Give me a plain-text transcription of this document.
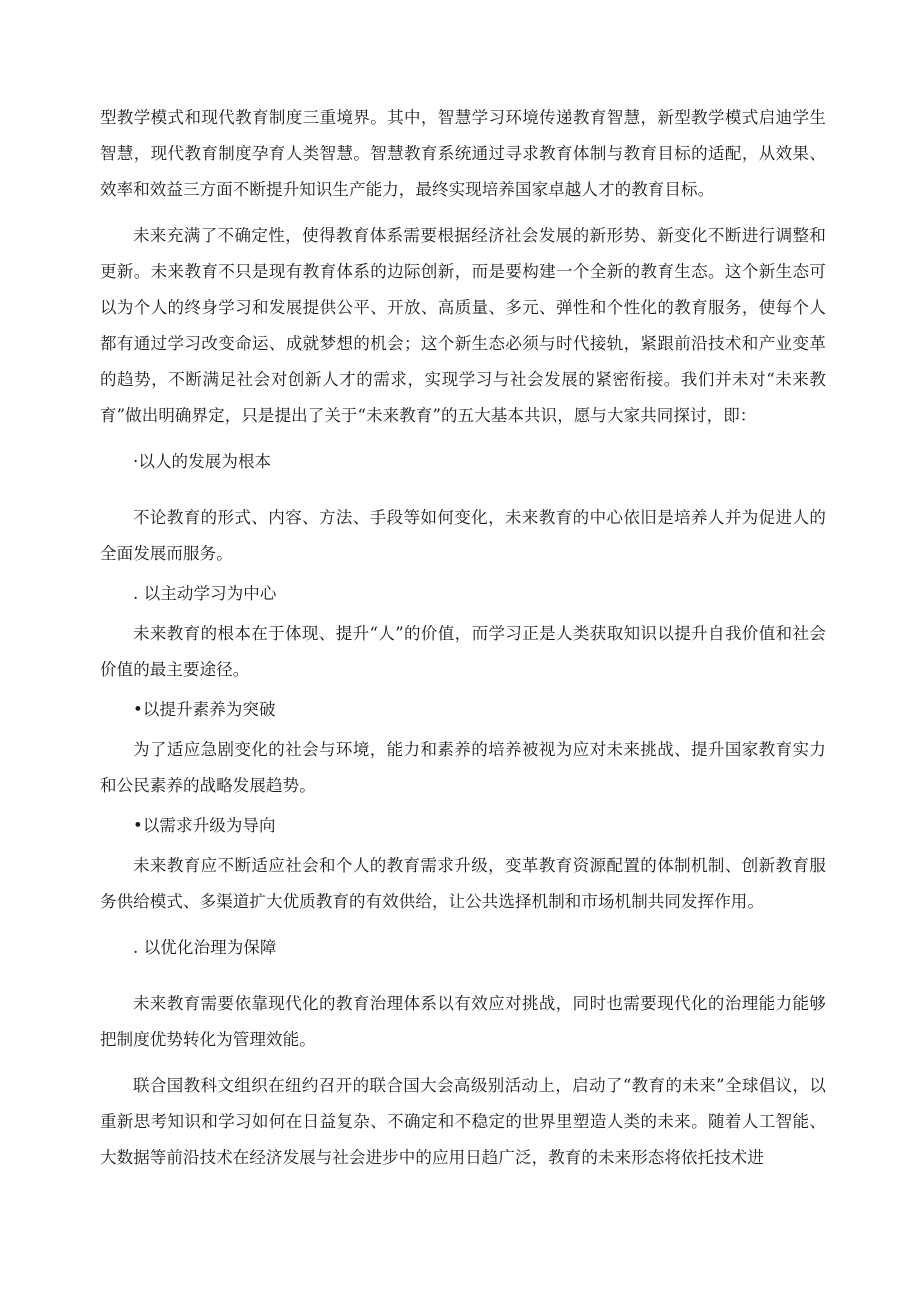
型教学模式和现代教育制度三重境界。其中，智慧学习环境传递教育智慧，新型教学模式启迪学生智慧，现代教育制度孕育人类智慧。智慧教育系统通过寻求教育体制与教育目标的适配，从效果、效率和效益三方面不断提升知识生产能力，最终实现培养国家卓越人才的教育目标。

未来充满了不确定性，使得教育体系需要根据经济社会发展的新形势、新变化不断进行调整和更新。未来教育不只是现有教育体系的边际创新，而是要构建一个全新的教育生态。这个新生态可以为个人的终身学习和发展提供公平、开放、高质量、多元、弹性和个性化的教育服务，使每个人都有通过学习改变命运、成就梦想的机会；这个新生态必须与时代接轨，紧跟前沿技术和产业变革的趋势，不断满足社会对创新人才的需求，实现学习与社会发展的紧密衔接。我们并未对“未来教育”做出明确界定，只是提出了关于“未来教育”的五大基本共识，愿与大家共同探讨，即：

·以人的发展为根本

不论教育的形式、内容、方法、手段等如何变化，未来教育的中心依旧是培养人并为促进人的全面发展而服务。

. 以主动学习为中心

未来教育的根本在于体现、提升“人”的价值，而学习正是人类获取知识以提升自我价值和社会价值的最主要途径。

•以提升素养为突破

为了适应急剧变化的社会与环境，能力和素养的培养被视为应对未来挑战、提升国家教育实力和公民素养的战略发展趋势。

•以需求升级为导向

未来教育应不断适应社会和个人的教育需求升级，变革教育资源配置的体制机制、创新教育服务供给模式、多渠道扩大优质教育的有效供给，让公共选择机制和市场机制共同发挥作用。

. 以优化治理为保障

未来教育需要依靠现代化的教育治理体系以有效应对挑战，同时也需要现代化的治理能力能够把制度优势转化为管理效能。

联合国教科文组织在纽约召开的联合国大会高级别活动上，启动了“教育的未来”全球倡议，以重新思考知识和学习如何在日益复杂、不确定和不稳定的世界里塑造人类的未来。随着人工智能、大数据等前沿技术在经济发展与社会进步中的应用日趋广泛，教育的未来形态将依托技术进
